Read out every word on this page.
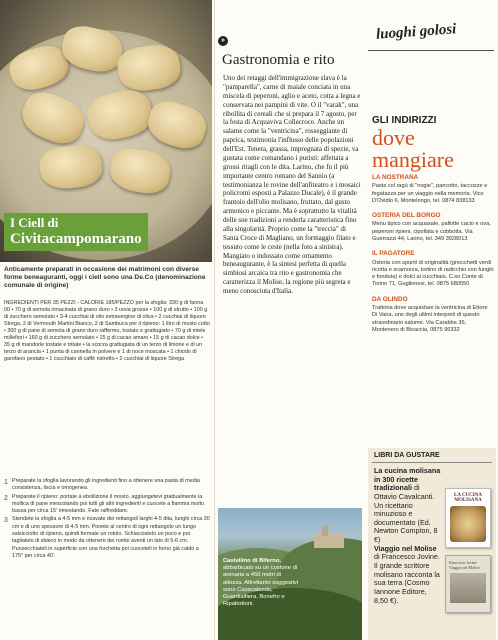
I Ciell di
Civitacampomarano
Anticamente preparati in occasione dei matrimoni con diverse forme beneaguranti, oggi i ciell sono una De.Co (denominazione comunale di origine)
INGREDIENTI PER 35 PEZZI - CALORIE 185/PEZZO per la sfoglia: 330 g di farina 00 • 70 g di semola rimacinata di grano duro • 3 uova grosse • 100 g di strutto • 100 g di zucchero semolato • 3-4 cucchiai di olio extravergine di oliva • 2 cucchiai di liquore Strega, 2 di Vermouth Martini Bianco, 2 di Sambuca per il ripieno: 1 litro di mosto cotto • 300 g di pane di semola di grano duro raffermo, tostato e grattugiato • 70 g di miele millefiori • 160 g di zucchero semolato • 15 g di cacao amaro • 15 g di cacao dolce • 35 g di mandorle tostate e tritate • la scorza grattugiata di un terzo di limone e di un terzo di arancia • 1 punta di cannella in polvere e 1 di noce moscata • 1 chiodo di garofano pestato • 1 cucchiaio di caffè ristretto • 2 cucchiai di liquore Strega
1 Preparate la sfoglia lavorando gli ingredienti fino a ottenere una pasta di media consistenza, liscia e omogenea.
2 Preparate il ripieno: portate a ebollizione il mosto, aggiungetevi gradualmente la mollica di pane mescolando poi tutti gli altri ingredienti e cuocete a fiamma molto bassa per circa 15' rimestando. Fate raffreddare.
3 Stendete la sfoglia a 4-5 mm e ricavate dei rettangoli larghi 4-5 dita, lunghi circa 30 cm e di uno spessore di 4-5 mm. Ponete al centro di ogni rettangolo un lungo salsicciotto di ripieno, quindi formate un rotolo. Schiacciatelo un poco e poi tagliatelo di sbieco in modo da ottenere dei rombi aventi un lato di 5-6 cm. Punzecchiateli in superficie con una forchetta poi cuoceteli in forno già caldo a 175° per circa 40'.
»
Gastronomia e rito
Uno dei retaggi dell'immigrazione slava è la "pamparella", carne di maiale conciata in una miscela di peperoni, aglio e aceto, cotta a legna e conservata nei pampini di vite. O il "varak", una ribollita di cereali che si prepara il 7 agosto, per la festa di Acquaviva Collecroce. Anche un salame come la "ventricina", rosseggiante di paprica, testimonia l'influsso delle popolazioni dell'Est. Tenera, grassa, impregnata di spezie, va gustata come comandano i puristi: affettata a grossi ritagli con le dita. Larino, che fu il più importante centro romano del Sannio (a testimonianza le rovine dell'anfiteatro e i mosaici policromi esposti a Palazzo Ducale), è il grande frantoio dell'olio molisano, fruttato, dal gusto armonico e piccante. Ma è soprattutto la vitalità delle sue tradizioni a renderla caratteristica fino alla singolarità. Proprio come la "treccia" di Santa Croce di Magliano, un formaggio filato e tessuto come le ceste (nella foto a sinistra). Mangiato o indossato come ornamento beneaugurante, è la sintesi perfetta di quella simbiosi arcaica tra rito e gastronomia che caratterizza il Molise, la regione più segreta e meno conosciuta d'Italia.
Castellino di Biferno, abbarbicato su un costone di arenaria a 450 metri di altezza. Altrettanto suggestivi sono Casacalenda, Guardialfiera, Bonefro e Ripabottoni.
luoghi golosi
GLI INDIRIZZI
dove
mangiare
LA NOSTRANA
Pasta col ragù di "nogie", pancotto, taccozze e fegatazza per un viaggio nella memoria. Vico D'Ovidio 6, Montelongo, tel. 0874 838133
OSTERIA DEL BORGO
Menu tipico con acquasale, pallotte cacio e ova, peperoni ripieni, cipollata e cobbotta. Via Guerrazzi 44, Larino, tel. 349 3928013
IL PAGATORE
Osteria con spunti di originalità (gnocchetti verdi ricotta e scamorza, tortino di radicchio con funghi e fonduta) e dolci al cucchiaio. C.so Conte di Torino 71, Guglionesi, tel. 0875 680550
DA OLINDO
Trattoria dove acquistare la ventricina di Ettore Di Vaira, uno degli ultimi interpreti di questo straordinario salume. Via Carabba 36, Montenero di Bisaccia, 0875 96332
LIBRI DA GUSTARE
La cucina molisana in 300 ricette tradizionali di Ottavio Cavalcanti. Un ricettario minuzioso e documentato (Ed. Newton Compton, 8 €)
Viaggio nel Molise di Francesco Jovine. Il grande scrittore molisano racconta la sua terra (Cosmo Iannone Editore, 8,50 €).
LA CUCINA MOLISANA
Francesco Jovine Viaggio nel Molise
